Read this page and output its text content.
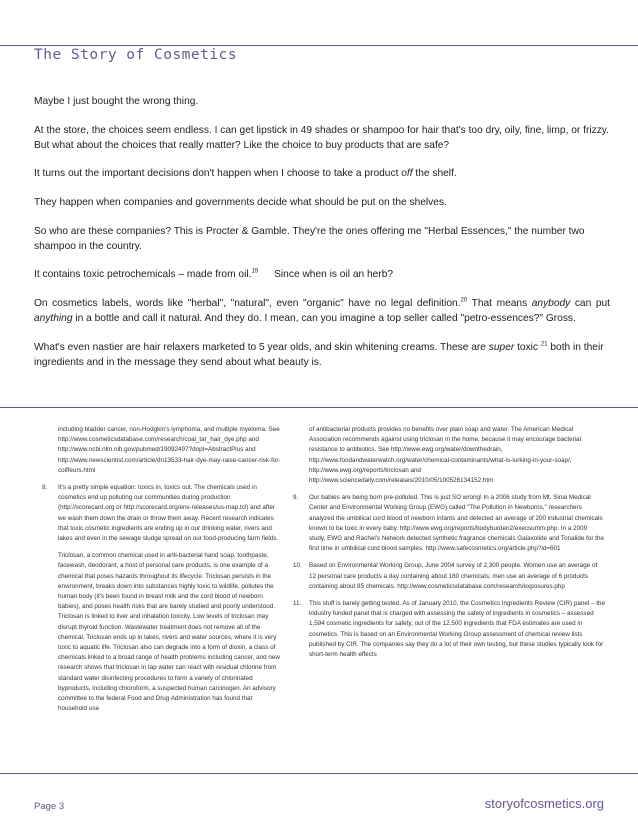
The Story of Cosmetics

Maybe I just bought the wrong thing.

At the store, the choices seem endless. I can get lipstick in 49 shades or shampoo for hair that's too dry, oily, fine, limp, or frizzy. But what about the choices that really matter? Like the choice to buy products that are safe?

It turns out the important decisions don't happen when I choose to take a product off the shelf.

They happen when companies and governments decide what should be put on the shelves.

So who are these companies? This is Procter & Gamble. They're the ones offering me "Herbal Essences," the number two shampoo in the country.

It contains toxic petrochemicals – made from oil.$^{19}$ Since when is oil an herb?

On cosmetics labels, words like "herbal", "natural", even "organic" have no legal definition.$^{20}$ That means anybody can put anything in a bottle and call it natural. And they do. I mean, can you imagine a top seller called "petro-essences?" Gross.

What's even nastier are hair relaxers marketed to 5 year olds, and skin whitening creams. These are super toxic $^{21}$ both in their ingredients and in the message they send about what beauty is.

including bladder cancer, non-Hodgkin's lymphoma, and multiple myeloma. See http://www.cosmeticsdatabase.com/research/coal_tar_hair_dye.php and http://www.ncbi.nlm.nih.gov/pubmed/19092497?dopt=AbstractPlus and http://www.newscientist.com/article/dn13533-hair-dye-may-raise-cancer-risk-for-coiffeurs.html

8. It's a pretty simple equation: toxics in, toxics out. The chemicals used in cosmetics end up polluting our communities during production (http://scorecard.org or http://scorecard.org/env-releases/us-map.tcl) and after we wash them down the drain or throw them away. Recent research indicates that toxic cosmetic ingredients are ending up in our drinking water, rivers and lakes and even in the sewage sludge spread on our food-producing farm fields.

Triclosan, a common chemical used in anti-bacterial hand soap, toothpaste, facewash, deodorant, a host of personal care products, is one example of a chemical that poses hazards throughout its lifecycle. Triclosan persists in the environment, breaks down into substances highly toxic to wildlife, pollutes the human body (it's been found in breast milk and the cord blood of newborn babies), and poses health risks that are barely studied and poorly understood. Triclosan is linked to liver and inhalation toxicity. Low levels of triclosan may disrupt thyroid function. Wastewater treatment does not remove all of the chemical. Triclosan ends up in lakes, rivers and water sources, where it is very toxic to aquatic life. Triclosan also can degrade into a form of dioxin, a class of chemicals linked to a broad range of health problems including cancer, and new research shows that triclosan in tap water can react with residual chlorine from standard water disinfecting procedures to form a variety of chlorinated byproducts, including chloroform, a suspected human carcinogen. An advisory committee to the federal Food and Drug Administration has found that household use

of antibacterial products provides no benefits over plain soap and water. The American Medical Association recommends against using triclosan in the home, because it may encourage bacterial resistance to antibiotics. See http://www.ewg.org/water/downthedrain, http://www.foodandwaterwatch.org/water/chemical-contaminants/what-is-lurking-in-your-soap/, http://www.ewg.org/reports/triclosan and http://www.sciencedaily.com/releases/2010/05/100526134152.htm

9. Our babies are being born pre-polluted. This is just SO wrong! In a 2006 study from Mt. Sinai Medical Center and Environmental Working Group (EWG) called "The Pollution in Newborns," researchers analyzed the umbilical cord blood of newborn infants and detected an average of 200 industrial chemicals known to be toxic in every baby. http://www.ewg.org/reports/bodyburden2/execsumm.php. In a 2009 study, EWG and Rachel's Network detected synthetic fragrance chemicals Galaxolide and Tonalide for the first time in umbilical cord blood samples. http://www.safecosmetics.org/article.php?id=601

10. Based on Environmental Working Group, June 2004 survey of 2,300 people. Women use an average of 12 personal care products a day containing about 180 chemicals; men use an average of 6 products containing about 85 chemicals. http://www.cosmeticsdatabase.com/research/exposures.php

11. This stuff is barely getting tested. As of January 2010, the Cosmetics Ingredients Review (CIR) panel – the industry funded panel that is charged with assessing the safety of ingredients in cosmetics – assessed 1,594 cosmetic ingredients for safety, out of the 12,500 ingredients that FDA estimates are used in cosmetics. This is based on an Environmental Working Group assessment of chemical review lists published by CIR. The companies say they do a lot of their own testing, but these studies typically look for short-term health effects

Page 3	storyofcosmetics.org
